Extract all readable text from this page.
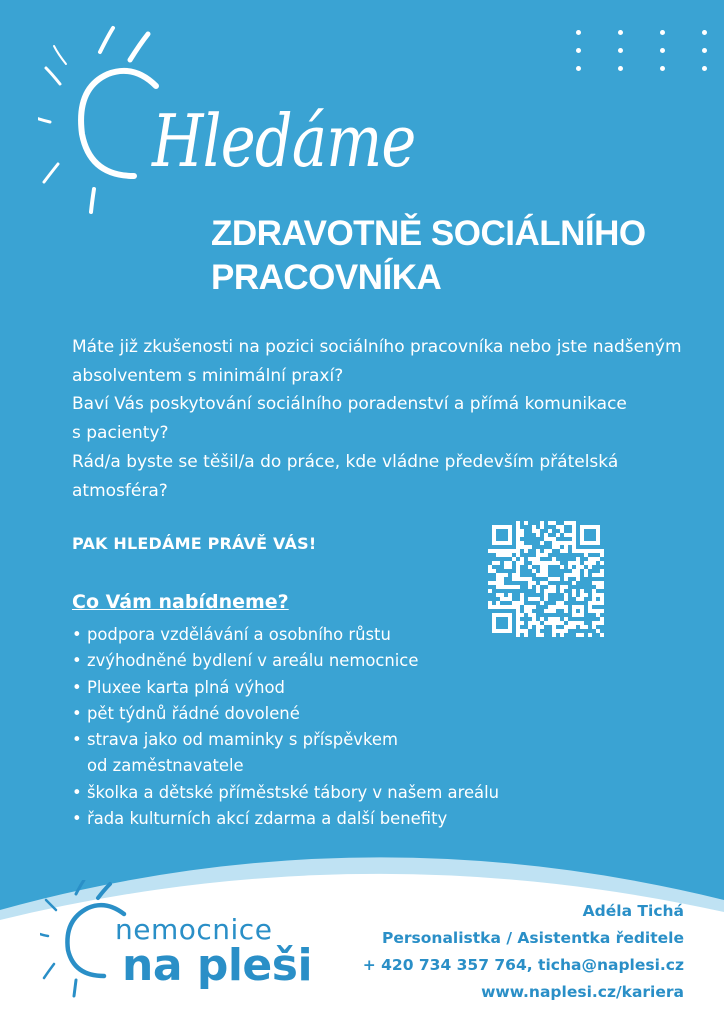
Hledáme
ZDRAVOTNĚ SOCIÁLNÍHO
PRACOVNÍKA

Máte již zkušenosti na pozici sociálního pracovníka nebo jste nadšeným
absolventem s minimální praxí?
Baví Vás poskytování sociálního poradenství a přímá komunikace
s pacienty?
Rád/a byste se těšil/a do práce, kde vládne především přátelská
atmosféra?

PAK HLEDÁME PRÁVĚ VÁS!

Co Vám nabídneme?
• podpora vzdělávání a osobního růstu
• zvýhodněné bydlení v areálu nemocnice
• Pluxee karta plná výhod
• pět týdnů řádné dovolené
• strava jako od maminky s příspěvkem
od zaměstnavatele
• školka a dětské příměstské tábory v našem areálu
• řada kulturních akcí zdarma a další benefity
nemocnice
na pleši

Adéla Tichá
Personalistka / Asistentka ředitele
+ 420 734 357 764, ticha@naplesi.cz
www.naplesi.cz/kariera
